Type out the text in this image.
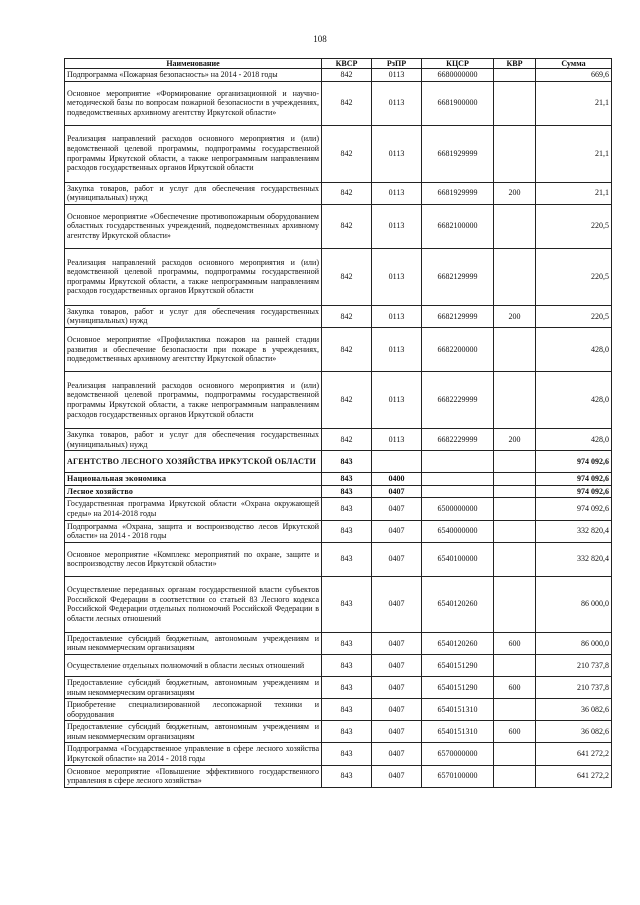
108
Наименование	КВСР	РзПР	КЦСР	КВР	Сумма
Подпрограмма «Пожарная безопасность» на 2014 - 2018 годы	842	0113	6680000000		669,6
Основное мероприятие «Формирование организационной и научно-методической базы по вопросам пожарной безопасности в учреждениях, подведомственных архивному агентству Иркутской области»	842	0113	6681900000		21,1
Реализация направлений расходов основного мероприятия и (или) ведомственной целевой программы, подпрограммы государственной программы Иркутской области, а также непрограммным направлениям расходов государственных органов Иркутской области	842	0113	6681929999		21,1
Закупка товаров, работ и услуг для обеспечения государственных (муниципальных) нужд	842	0113	6681929999	200	21,1
Основное мероприятие «Обеспечение противопожарным оборудованием областных государственных учреждений, подведомственных архивному агентству Иркутской области»	842	0113	6682100000		220,5
Реализация направлений расходов основного мероприятия и (или) ведомственной целевой программы, подпрограммы государственной программы Иркутской области, а также непрограммным направлениям расходов государственных органов Иркутской области	842	0113	6682129999		220,5
Закупка товаров, работ и услуг для обеспечения государственных (муниципальных) нужд	842	0113	6682129999	200	220,5
Основное мероприятие «Профилактика пожаров на ранней стадии развития и обеспечение безопасности при пожаре в учреждениях, подведомственных архивному агентству Иркутской области»	842	0113	6682200000		428,0
Реализация направлений расходов основного мероприятия и (или) ведомственной целевой программы, подпрограммы государственной программы Иркутской области, а также непрограммным направлениям расходов государственных органов Иркутской области	842	0113	6682229999		428,0
Закупка товаров, работ и услуг для обеспечения государственных (муниципальных) нужд	842	0113	6682229999	200	428,0
АГЕНТСТВО ЛЕСНОГО ХОЗЯЙСТВА ИРКУТСКОЙ ОБЛАСТИ	843				974 092,6
Национальная экономика	843	0400			974 092,6
Лесное хозяйство	843	0407			974 092,6
Государственная программа Иркутской области «Охрана окружающей среды» на 2014-2018 годы	843	0407	6500000000		974 092,6
Подпрограмма «Охрана, защита и воспроизводство лесов Иркутской области» на 2014 - 2018 годы	843	0407	6540000000		332 820,4
Основное мероприятие «Комплекс мероприятий по охране, защите и воспроизводству лесов Иркутской области»	843	0407	6540100000		332 820,4
Осуществление переданных органам государственной власти субъектов Российской Федерации в соответствии со статьей 83 Лесного кодекса Российской Федерации отдельных полномочий Российской Федерации в области лесных отношений	843	0407	6540120260		86 000,0
Предоставление субсидий бюджетным, автономным учреждениям и иным некоммерческим организациям	843	0407	6540120260	600	86 000,0
Осуществление отдельных полномочий в области лесных отношений	843	0407	6540151290		210 737,8
Предоставление субсидий бюджетным, автономным учреждениям и иным некоммерческим организациям	843	0407	6540151290	600	210 737,8
Приобретение специализированной лесопожарной техники и оборудования	843	0407	6540151310		36 082,6
Предоставление субсидий бюджетным, автономным учреждениям и иным некоммерческим организациям	843	0407	6540151310	600	36 082,6
Подпрограмма «Государственное управление в сфере лесного хозяйства Иркутской области» на 2014 - 2018 годы	843	0407	6570000000		641 272,2
Основное мероприятие «Повышение эффективного государственного управления в сфере лесного хозяйства»	843	0407	6570100000		641 272,2
